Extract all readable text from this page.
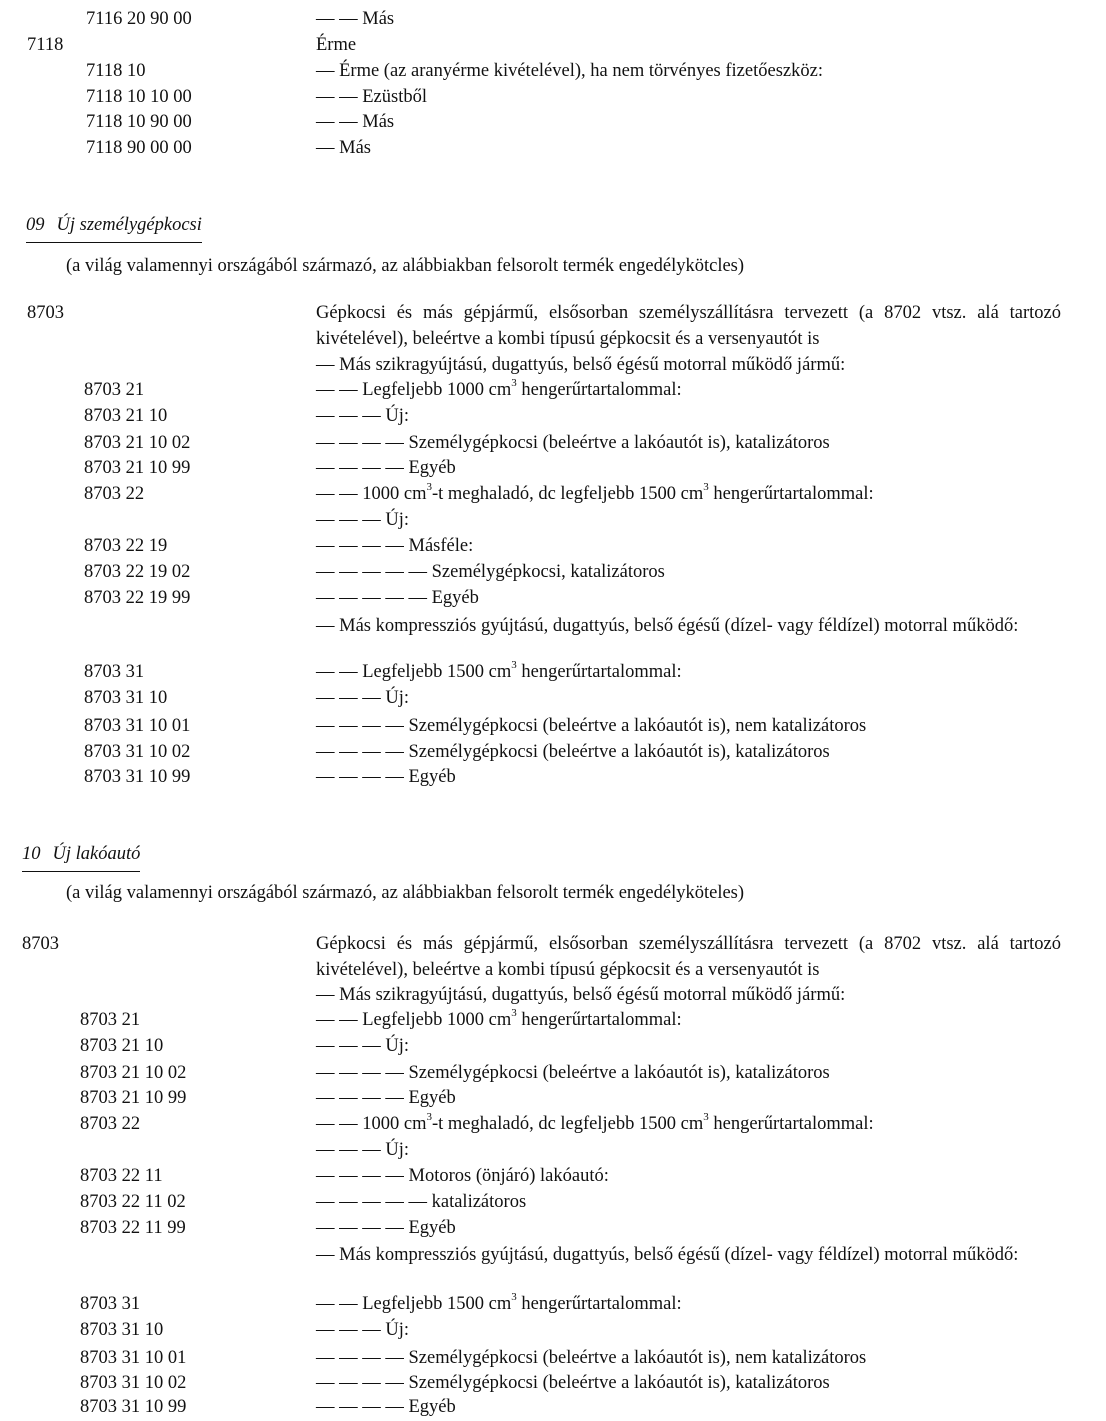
7116 20 90 00	— — Más
7118	Érme
7118 10	— Érme (az aranyérme kivételével), ha nem törvényes fizetőeszköz:
7118 10 10 00	— — Ezüstből
7118 10 90 00	— — Más
7118 90 00 00	— Más
09 Új személygépkocsi
(a világ valamennyi országából származó, az alábbiakban felsorolt termék engedélykötcles)
8703	Gépkocsi és más gépjármű, elsősorban személyszállításra tervezett (a 8702 vtsz. alá tartozó kivételével), beleértve a kombi típusú gépkocsit és a versenyautót is
— Más szikragyújtású, dugattyús, belső égésű motorral működő jármű:
8703 21	— — Legfeljebb 1000 $cm^3$ hengerűrtartalommal:
8703 21 10	— — — Új:
8703 21 10 02	— — — — Személygépkocsi (beleértve a lakóautót is), katalizátoros
8703 21 10 99	— — — — Egyéb
8703 22	— — 1000 $cm^3-t$ meghaladó, dc legfeljebb 1500 $cm^3$ hengerűrtartalommal:
— — — Új:
8703 22 19	— — — — Másféle:
8703 22 19 02	— — — — — Személygépkocsi, katalizátoros
8703 22 19 99	— — — — — Egyéb
— Más kompressziós gyújtású, dugattyús, belső égésű (dízel- vagy féldízel) motorral működő:
8703 31	— — Legfeljebb 1500 $cm^3$ hengerűrtartalommal:
8703 31 10	— — — Új:
8703 31 10 01	— — — — Személygépkocsi (beleértve a lakóautót is), nem katalizátoros
8703 31 10 02	— — — — Személygépkocsi (beleértve a lakóautót is), katalizátoros
8703 31 10 99	— — — — Egyéb
10 Új lakóautó
(a világ valamennyi országából származó, az alábbiakban felsorolt termék engedélyköteles)
8703	Gépkocsi és más gépjármű, elsősorban személyszállításra tervezett (a 8702 vtsz. alá tartozó kivételével), beleértve a kombi típusú gépkocsit és a versenyautót is
— Más szikragyújtású, dugattyús, belső égésű motorral működő jármű:
8703 21	— — Legfeljebb 1000 $cm^3$ hengerűrtartalommal:
8703 21 10	— — — Új:
8703 21 10 02	— — — — Személygépkocsi (beleértve a lakóautót is), katalizátoros
8703 21 10 99	— — — — Egyéb
8703 22	— — 1000 $cm^3-t$ meghaladó, dc legfeljebb 1500 $cm^3$ hengerűrtartalommal:
— — — Új:
8703 22 11	— — — — Motoros (önjáró) lakóautó:
8703 22 11 02	— — — — — katalizátoros
8703 22 11 99	— — — — Egyéb
— Más kompressziós gyújtású, dugattyús, belső égésű (dízel- vagy féldízel) motorral működő:
8703 31	— — Legfeljebb 1500 $cm^3$ hengerűrtartalommal:
8703 31 10	— — — Új:
8703 31 10 01	— — — — Személygépkocsi (beleértve a lakóautót is), nem katalizátoros
8703 31 10 02	— — — — Személygépkocsi (beleértve a lakóautót is), katalizátoros
8703 31 10 99	— — — — Egyéb
